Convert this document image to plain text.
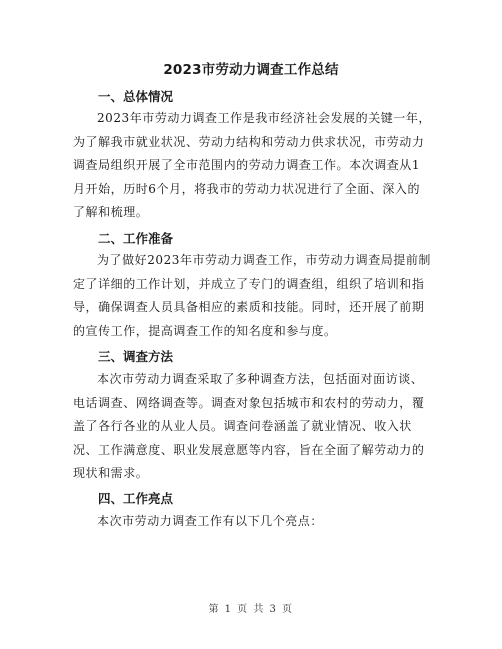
2023市劳动力调查工作总结
一、总体情况

2023年市劳动力调查工作是我市经济社会发展的关键一年，
为了解我市就业状况、劳动力结构和劳动力供求状况，市劳动力
调查局组织开展了全市范围内的劳动力调查工作。本次调查从1
月开始，历时6个月，将我市的劳动力状况进行了全面、深入的
了解和梳理。

二、工作准备

为了做好2023年市劳动力调查工作，市劳动力调查局提前制
定了详细的工作计划，并成立了专门的调查组，组织了培训和指
导，确保调查人员具备相应的素质和技能。同时，还开展了前期
的宣传工作，提高调查工作的知名度和参与度。

三、调查方法

本次市劳动力调查采取了多种调查方法，包括面对面访谈、
电话调查、网络调查等。调查对象包括城市和农村的劳动力，覆
盖了各行各业的从业人员。调查问卷涵盖了就业情况、收入状
况、工作满意度、职业发展意愿等内容，旨在全面了解劳动力的
现状和需求。

四、工作亮点

本次市劳动力调查工作有以下几个亮点：

第 1 页 共 3 页
